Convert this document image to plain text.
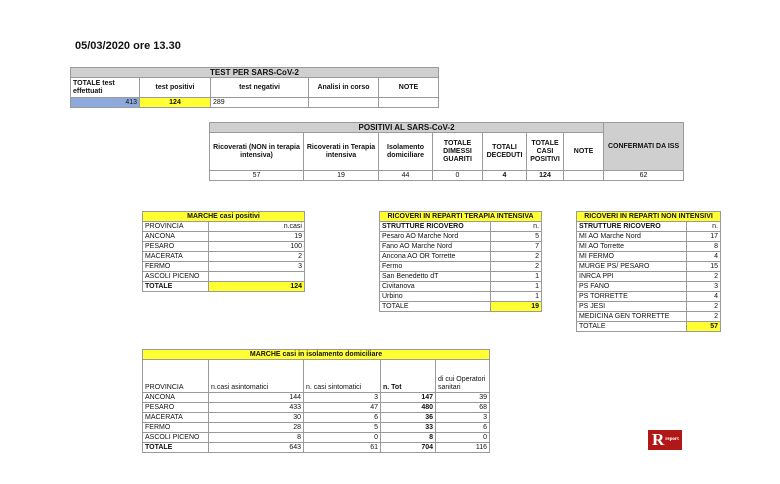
05/03/2020 ore 13.30
TEST PER SARS-CoV-2				
TOTALE test effettuati	test positivi	test negativi	Analisi in corso	NOTE
413	124	289		
POSITIVI AL SARS-CoV-2							CONFERMATI DA ISS
Ricoverati (NON in terapia intensiva)	Ricoverati in Terapia intensiva	Isolamento domiciliare	TOTALE DIMESSI GUARITI	TOTALI DECEDUTI	TOTALE CASI POSITIVI	NOTE	
57	19	44	0	4	124		62
MARCHE casi positivi	
PROVINCIA	n.casi
ANCONA	19
PESARO	100
MACERATA	2
FERMO	3
ASCOLI PICENO	
TOTALE	124
RICOVERI IN REPARTI TERAPIA INTENSIVA	
STRUTTURE RICOVERO	n.
Pesaro AO Marche Nord	5
Fano AO Marche Nord	7
Ancona AO OR Torrette	2
Fermo	2
San Benedetto dT	1
Civitanova	1
Urbino	1
TOTALE	19
RICOVERI IN REPARTI NON INTENSIVI	
STRUTTURE RICOVERO	n.
MI AO Marche Nord	17
MI AO Torrette	8
MI FERMO	4
MURGE PS/ PESARO	15
INRCA PPI	2
PS FANO	3
PS TORRETTE	4
PS JESI	2
MEDICINA GEN TORRETTE	2
TOTALE	57
MARCHE casi in isolamento domiciliare				
PROVINCIA	n.casi asintomatici	n. casi sintomatici	n. Tot	di cui Operatori sanitari
ANCONA	144	3	147	39
PESARO	433	47	480	68
MACERATA	30	6	36	3
FERMO	28	5	33	6
ASCOLI PICENO	8	0	8	0
TOTALE	643	61	704	116	$R^{report}$
